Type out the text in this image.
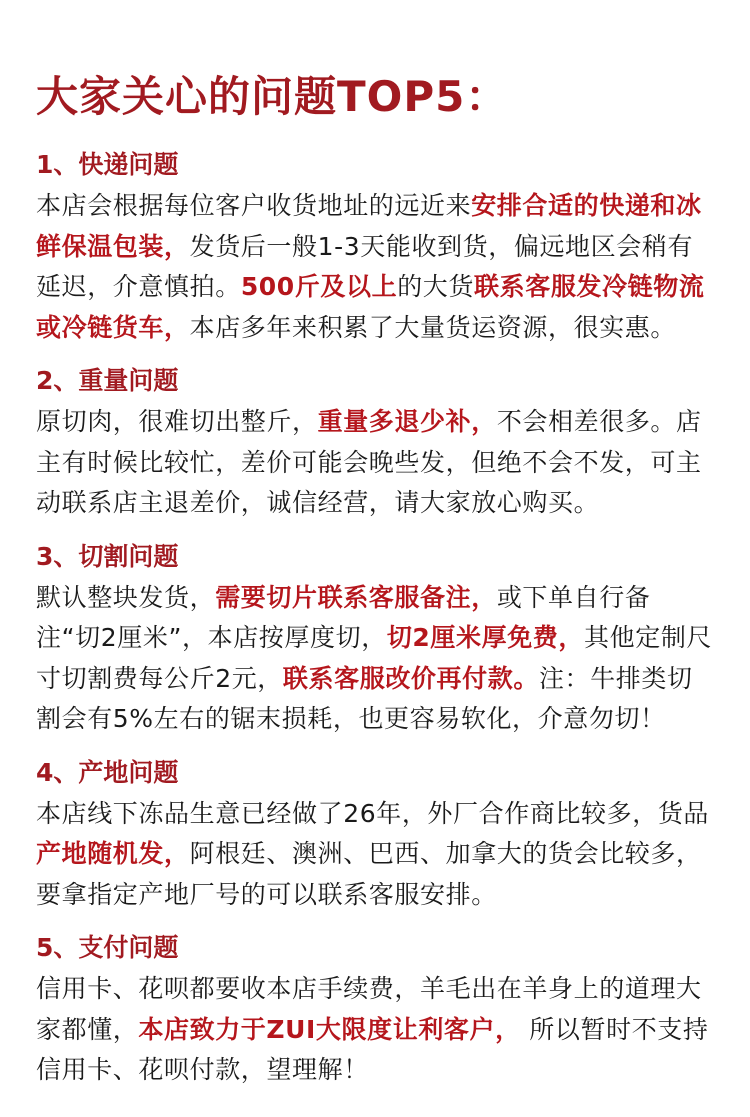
大家关心的问题TOP5：
1、快递问题

本店会根据每位客户收货地址的远近来安排合适的快递和冰鲜保温包装，发货后一般1-3天能收到货，偏远地区会稍有延迟，介意慎拍。500斤及以上的大货联系客服发冷链物流或冷链货车，本店多年来积累了大量货运资源，很实惠。

2、重量问题

原切肉，很难切出整斤，重量多退少补，不会相差很多。店主有时候比较忙，差价可能会晚些发，但绝不会不发，可主动联系店主退差价，诚信经营，请大家放心购买。

3、切割问题

默认整块发货，需要切片联系客服备注，或下单自行备注“切2厘米”，本店按厚度切，切2厘米厚免费，其他定制尺寸切割费每公斤2元，联系客服改价再付款。注：牛排类切割会有5%左右的锯末损耗，也更容易软化，介意勿切！

4、产地问题

本店线下冻品生意已经做了26年，外厂合作商比较多，货品产地随机发，阿根廷、澳洲、巴西、加拿大的货会比较多，要拿指定产地厂号的可以联系客服安排。

5、支付问题

信用卡、花呗都要收本店手续费，羊毛出在羊身上的道理大家都懂，本店致力于ZUI大限度让利客户， 所以暂时不支持信用卡、花呗付款，望理解！
